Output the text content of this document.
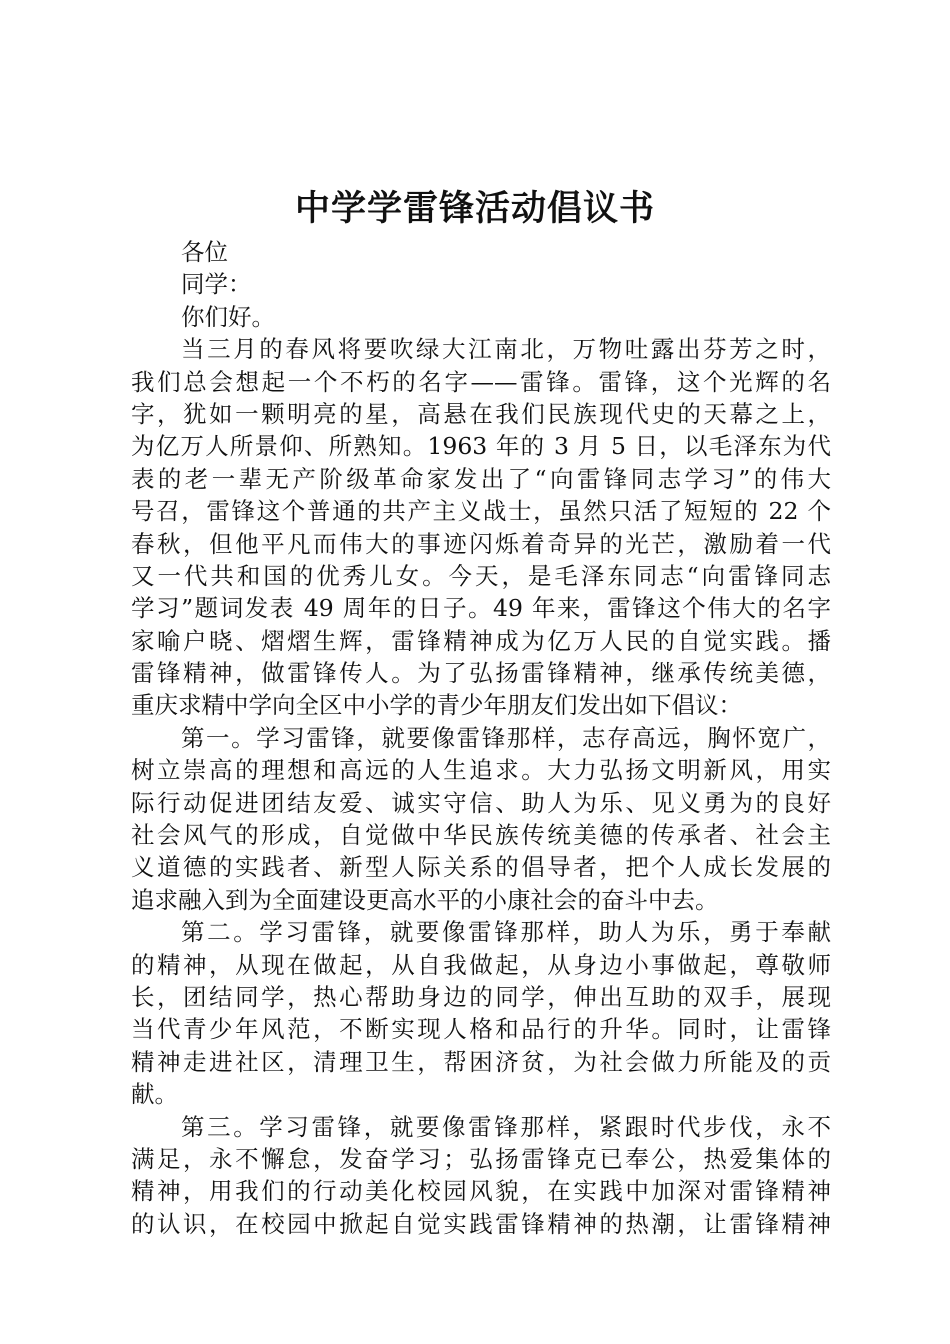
中学学雷锋活动倡议书
各位
同学：
你们好。
当三月的春风将要吹绿大江南北，万物吐露出芬芳之时，
我们总会想起一个不朽的名字——雷锋。雷锋，这个光辉的名
字，犹如一颗明亮的星，高悬在我们民族现代史的天幕之上，
为亿万人所景仰、所熟知。1963 年的 3 月 5 日，以毛泽东为代
表的老一辈无产阶级革命家发出了“向雷锋同志学习”的伟大
号召，雷锋这个普通的共产主义战士，虽然只活了短短的 22 个
春秋，但他平凡而伟大的事迹闪烁着奇异的光芒，激励着一代
又一代共和国的优秀儿女。今天，是毛泽东同志“向雷锋同志
学习”题词发表 49 周年的日子。49 年来，雷锋这个伟大的名字
家喻户晓、熠熠生辉，雷锋精神成为亿万人民的自觉实践。播
雷锋精神，做雷锋传人。为了弘扬雷锋精神，继承传统美德，
重庆求精中学向全区中小学的青少年朋友们发出如下倡议：
第一。学习雷锋，就要像雷锋那样，志存高远，胸怀宽广，
树立崇高的理想和高远的人生追求。大力弘扬文明新风，用实
际行动促进团结友爱、诚实守信、助人为乐、见义勇为的良好
社会风气的形成，自觉做中华民族传统美德的传承者、社会主
义道德的实践者、新型人际关系的倡导者，把个人成长发展的
追求融入到为全面建设更高水平的小康社会的奋斗中去。
第二。学习雷锋，就要像雷锋那样，助人为乐，勇于奉献
的精神，从现在做起，从自我做起，从身边小事做起，尊敬师
长，团结同学，热心帮助身边的同学，伸出互助的双手，展现
当代青少年风范，不断实现人格和品行的升华。同时，让雷锋
精神走进社区，清理卫生，帮困济贫，为社会做力所能及的贡
献。
第三。学习雷锋，就要像雷锋那样，紧跟时代步伐，永不
满足，永不懈怠，发奋学习；弘扬雷锋克已奉公，热爱集体的
精神，用我们的行动美化校园风貌，在实践中加深对雷锋精神
的认识，在校园中掀起自觉实践雷锋精神的热潮，让雷锋精神
